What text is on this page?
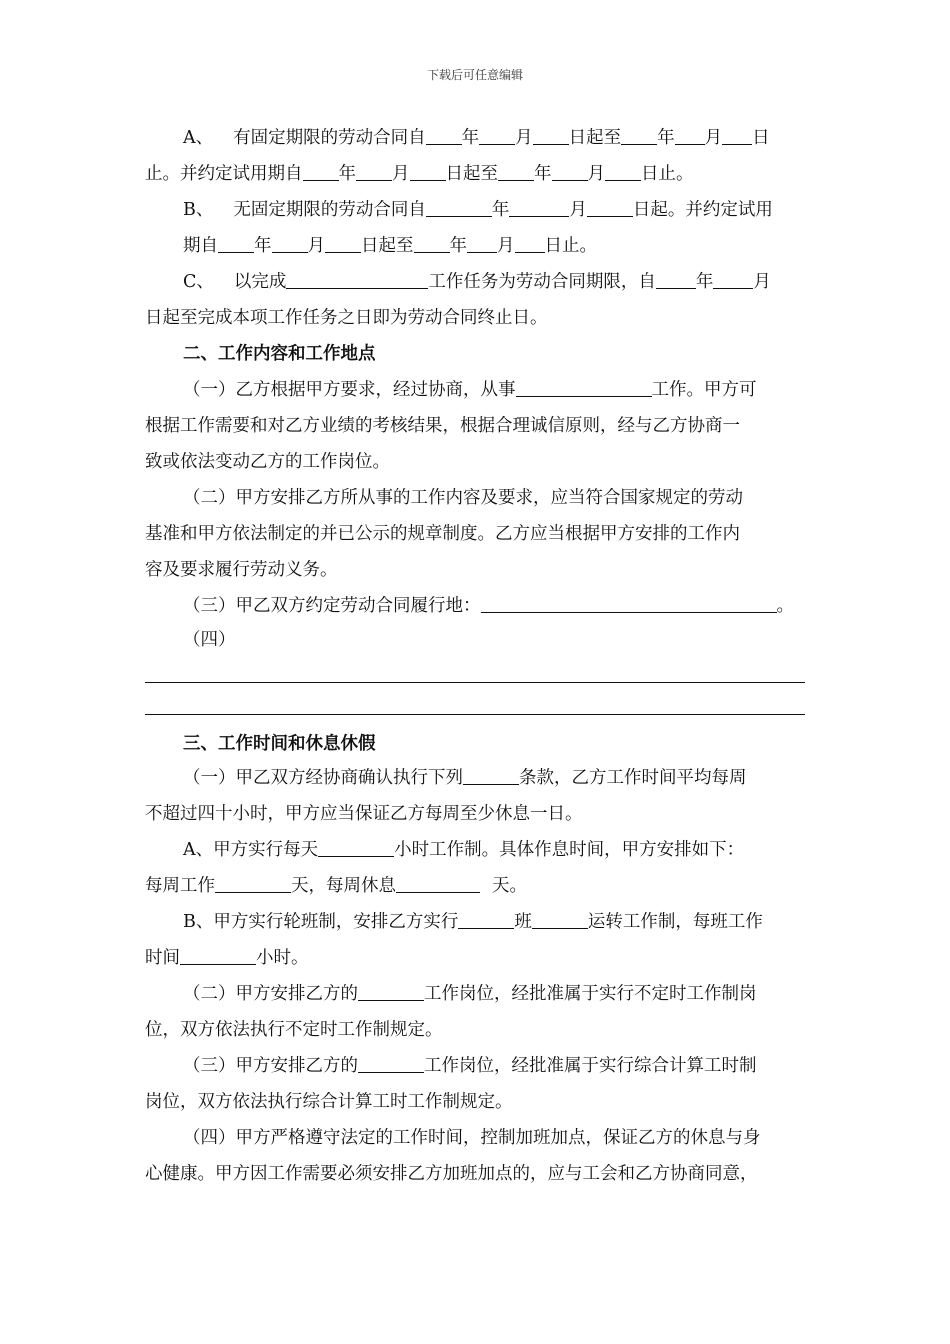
下载后可任意编辑
A、 有固定期限的劳动合同自 年 月 日起至 年 月 日
止。并约定试用期自 年 月 日起至 年 月 日止。
B、 无固定期限的劳动合同自	年	月	日起。并约定试用
期自 年 月 日起至 年 月 日止。
C、 以完成	工作任务为劳动合同期限，自 年 月
日起至完成本项工作任务之日即为劳动合同终止日。
二、工作内容和工作地点
（一）乙方根据甲方要求，经过协商，从事	工作。甲方可
根据工作需要和对乙方业绩的考核结果，根据合理诚信原则，经与乙方协商一
致或依法变动乙方的工作岗位。
（二）甲方安排乙方所从事的工作内容及要求，应当符合国家规定的劳动
基准和甲方依法制定的并已公示的规章制度。乙方应当根据甲方安排的工作内
容及要求履行劳动义务。
（三）甲乙双方约定劳动合同履行地：	。
（四）
三、工作时间和休息休假
（一）甲乙双方经协商确认执行下列	条款，乙方工作时间平均每周
不超过四十小时，甲方应当保证乙方每周至少休息一日。
A、甲方实行每天	小时工作制。具体作息时间，甲方安排如下：
每周工作	天，每周休息	天。
B、甲方实行轮班制，安排乙方实行	班	运转工作制，每班工作
时间	小时。
（二）甲方安排乙方的	工作岗位，经批准属于实行不定时工作制岗
位，双方依法执行不定时工作制规定。
（三）甲方安排乙方的	工作岗位，经批准属于实行综合计算工时制
岗位，双方依法执行综合计算工时工作制规定。
（四）甲方严格遵守法定的工作时间，控制加班加点，保证乙方的休息与身
心健康。甲方因工作需要必须安排乙方加班加点的，应与工会和乙方协商同意，
